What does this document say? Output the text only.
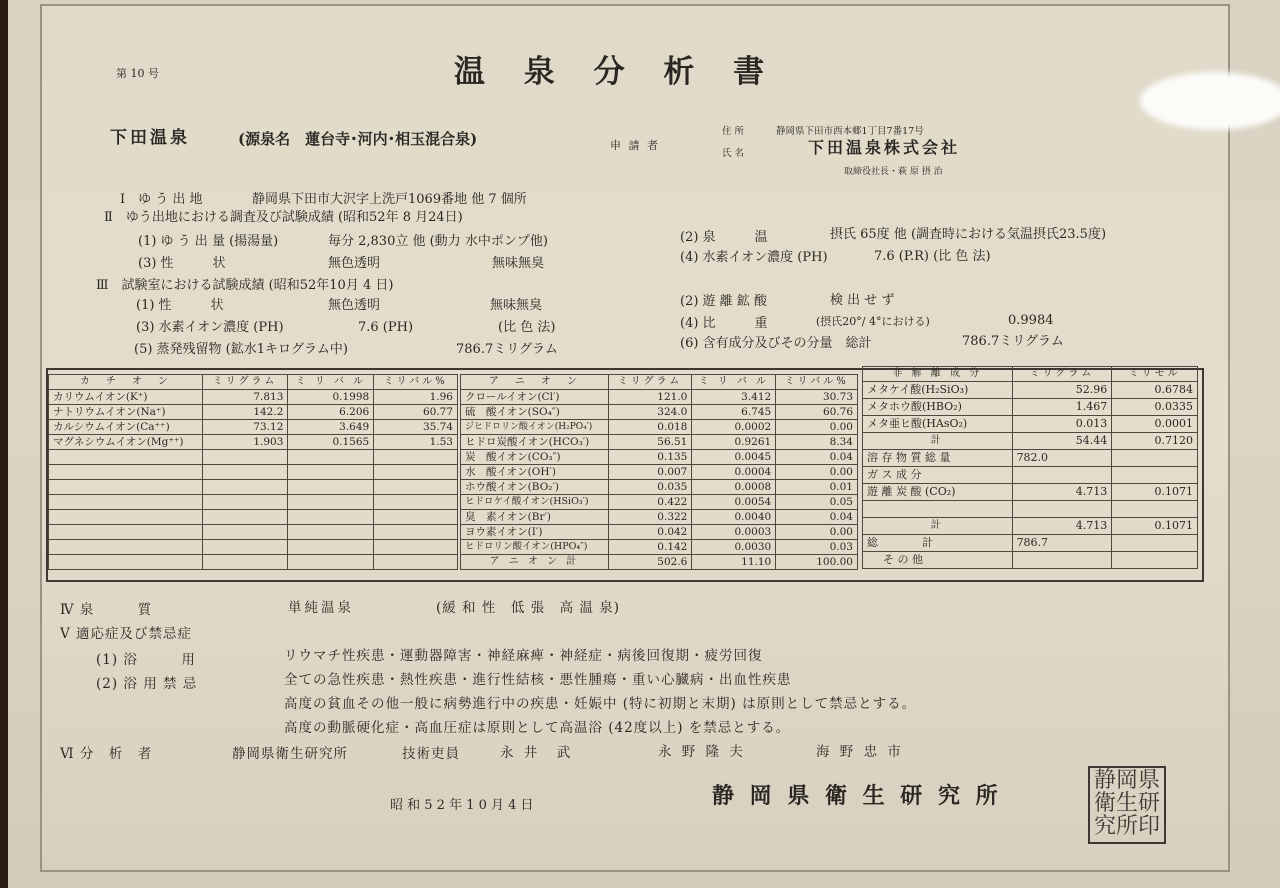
第 10 号	温 泉 分 析 書
下田温泉	(源泉名　蓮台寺･河内･相玉混合泉)	申 請 者
住 所	静岡県下田市西本郷1丁目7番17号
氏 名	下田温泉株式会社
取締役社長・萩 原 摂 治
Ⅰ　ゆ う 出 地	静岡県下田市大沢字上洗戸1069番地 他 7 個所
Ⅱ　ゆう出地における調査及び試験成績 (昭和52年 8 月24日)
(1) ゆ う 出 量 (揚湯量)	毎分 2,830立 他 (動力 水中ポンプ他)	(2) 泉　　　温	摂氏 65度 他 (調査時における気温摂氏23.5度)
(3) 性　　　状	無色透明	無味無臭	(4) 水素イオン濃度 (PH)	7.6 (P.R) (比 色 法)
Ⅲ　試験室における試験成績 (昭和52年10月 4 日)
(1) 性　　　状	無色透明	無味無臭	(2) 遊 離 鉱 酸	検 出 せ ず
(3) 水素イオン濃度 (PH)	7.6 (PH)	(比 色 法)	(4) 比　　　重	(摂氏20°/ 4°における)	0.9984
(5) 蒸発残留物 (鉱水1キログラム中)	786.7ミリグラム	(6) 含有成分及びその分量　総計	786.7ミリグラム
カ　チ　オ　ン	ミリグラム	ミ リ バ ル	ミリバル%
カリウムイオン(K⁺)	7.813	0.1998	1.96
ナトリウムイオン(Na⁺)	142.2	6.206	60.77
カルシウムイオン(Ca⁺⁺)	73.12	3.649	35.74
マグネシウムイオン(Mg⁺⁺)	1.903	0.1565	1.53

ア　ニ　オ　ン	ミリグラム	ミ リ バ ル	ミリバル%
クロールイオン(Cl′)	121.0	3.412	30.73
硫　酸イオン(SO₄″)	324.0	6.745	60.76
ジヒドロリン酸イオン(H₂PO₄′)	0.018	0.0002	0.00
ヒドロ炭酸イオン(HCO₃′)	56.51	0.9261	8.34
炭　酸イオン(CO₃″)	0.135	0.0045	0.04
水　酸イオン(OH′)	0.007	0.0004	0.00
ホウ酸イオン(BO₂′)	0.035	0.0008	0.01
ヒドロケイ酸イオン(HSiO₃′)	0.422	0.0054	0.05
臭　素イオン(Br′)	0.322	0.0040	0.04
ヨウ素イオン(I′)	0.042	0.0003	0.00
ヒドロリン酸イオン(HPO₄″)	0.142	0.0030	0.03
ア ニ オ ン 計	502.6	11.10	100.00
非 解 離 成 分	ミリグラム	ミリモル
メタケイ酸(H₂SiO₃)	52.96	0.6784
メタホウ酸(HBO₂)	1.467	0.0335
メタ亜ヒ酸(HAsO₂)	0.013	0.0001
計	54.44	0.7120
溶 存 物 質 総 量	782.0	
ガ ス 成 分		
遊 離 炭 酸 (CO₂)	4.713	0.1071

計	4.713	0.1071
総　　　　計	786.7	
そ の 他		
Ⅳ 泉　　　質	単純温泉	(緩 和 性　低 張　高 温 泉)
Ⅴ 適応症及び禁忌症
(1) 浴　　　用	リウマチ性疾患・運動器障害・神経麻痺・神経症・病後回復期・疲労回復
(2) 浴 用 禁 忌	全ての急性疾患・熱性疾患・進行性結核・悪性腫瘍・重い心臓病・出血性疾患
高度の貧血その他一般に病勢進行中の疾患・妊娠中 (特に初期と末期) は原則として禁忌とする。
高度の動脈硬化症・高血圧症は原則として高温浴 (42度以上) を禁忌とする。
Ⅵ 分　析　者	静岡県衛生研究所	技術吏員	永 井　武	永 野 隆 夫	海 野 忠 市
昭 和 5 2 年 1 0 月 4 日	静 岡 県 衛 生 研 究 所
静 岡 県
衛 生 研
究 所 印
